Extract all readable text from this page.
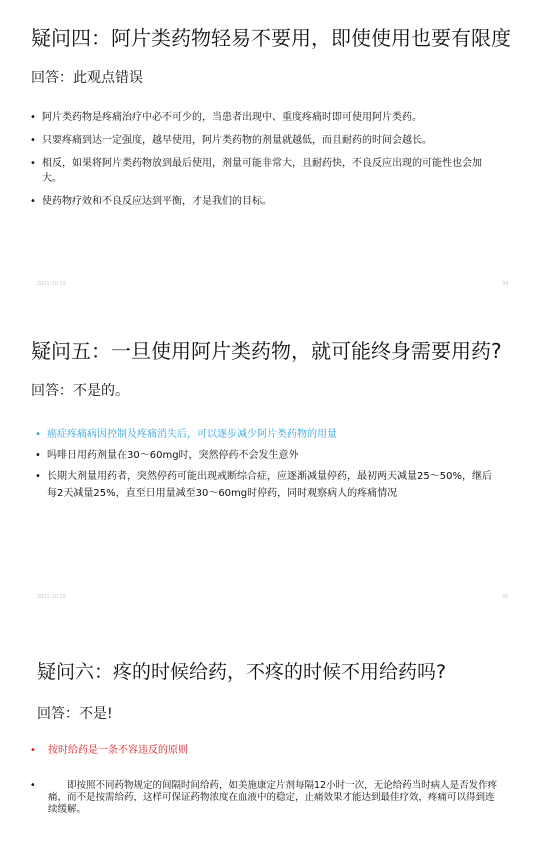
疑问四：阿片类药物轻易不要用，即使使用也要有限度

回答：此观点错误

• 阿片类药物是疼痛治疗中必不可少的，当患者出现中、重度疼痛时即可使用阿片类药。
• 只要疼痛到达一定强度，越早使用，阿片类药物的剂量就越低，而且耐药的时间会越长。
• 相反，如果将阿片类药物放到最后使用，剂量可能非常大，且耐药快，不良反应出现的可能性也会加大。
• 使药物疗效和不良反应达到平衡，才是我们的目标。
2021-10-15	34
疑问五：一旦使用阿片类药物，就可能终身需要用药?

回答：不是的。

• 癌症疼痛病因控制及疼痛消失后，可以逐步减少阿片类药物的用量
• 吗啡日用药剂量在30～60mg时，突然停药不会发生意外
• 长期大剂量用药者，突然停药可能出现戒断综合症，应逐渐减量停药，最初两天减量25～50%，继后每2天减量25%，直至日用量减至30～60mg时停药，同时观察病人的疼痛情况
2021-10-15	35
疑问六：疼的时候给药，不疼的时候不用给药吗?

回答：不是!

• 按时给药是一条不容违反的原则
•	即按照不同药物规定的间隔时间给药，如美施康定片剂每隔12小时一次，无论给药当时病人是否发作疼痛，而不是按需给药，这样可保证药物浓度在血液中的稳定，止痛效果才能达到最佳疗效，疼痛可以得到连续缓解。
